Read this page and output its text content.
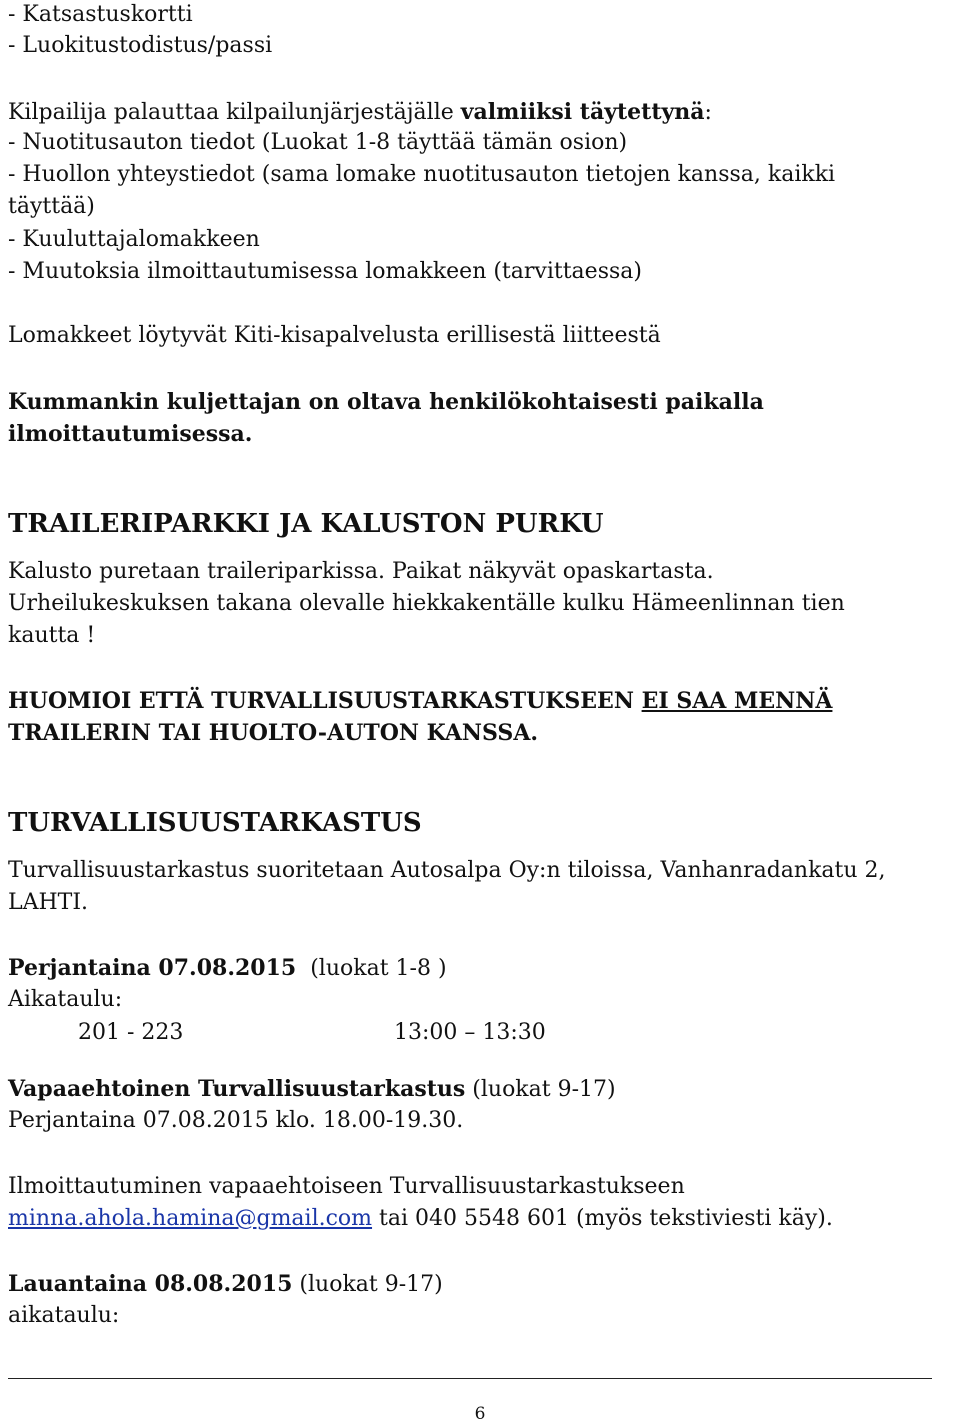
- Katsastuskortti
- Luokitustodistus/passi
Kilpailija palauttaa kilpailunjärjestäjälle valmiiksi täytettynä:
- Nuotitusauton tiedot (Luokat 1-8 täyttää tämän osion)
- Huollon yhteystiedot (sama lomake nuotitusauton tietojen kanssa, kaikki
täyttää)
- Kuuluttajalomakkeen
- Muutoksia ilmoittautumisessa lomakkeen (tarvittaessa)
Lomakkeet löytyvät Kiti-kisapalvelusta erillisestä liitteestä
Kummankin kuljettajan on oltava henkilökohtaisesti paikalla
ilmoittautumisessa.
TRAILERIPARKKI JA KALUSTON PURKU
Kalusto puretaan traileriparkissa. Paikat näkyvät opaskartasta.
Urheilukeskuksen takana olevalle hiekkakentälle kulku Hämeenlinnan tien
kautta !
HUOMIOI ETTÄ TURVALLISUUSTARKASTUKSEEN EI SAA MENNÄ
TRAILERIN TAI HUOLTO-AUTON KANSSA.
TURVALLISUUSTARKASTUS
Turvallisuustarkastus suoritetaan Autosalpa Oy:n tiloissa, Vanhanradankatu 2,
LAHTI.
Perjantaina 07.08.2015 (luokat 1-8 )
Aikataulu:
201 - 223	13:00 – 13:30
Vapaaehtoinen Turvallisuustarkastus (luokat 9-17)
Perjantaina 07.08.2015 klo. 18.00-19.30.
Ilmoittautuminen vapaaehtoiseen Turvallisuustarkastukseen
minna.ahola.hamina@gmail.com tai 040 5548 601 (myös tekstiviesti käy).
Lauantaina 08.08.2015 (luokat 9-17)
aikataulu:
6
